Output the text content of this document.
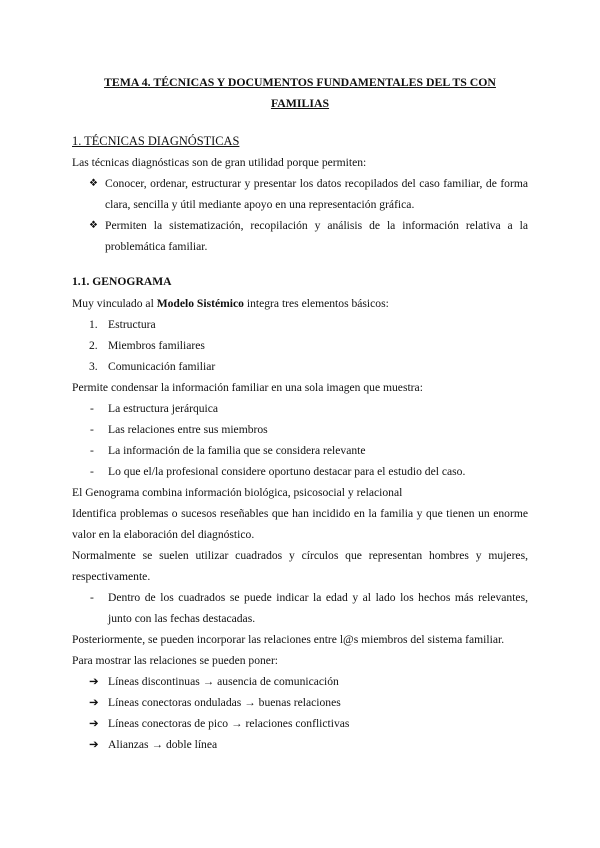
TEMA 4. TÉCNICAS Y DOCUMENTOS FUNDAMENTALES DEL TS CON
FAMILIAS

1. TÉCNICAS DIAGNÓSTICAS

Las técnicas diagnósticas son de gran utilidad porque permiten:

❖ Conocer, ordenar, estructurar y presentar los datos recopilados del caso familiar, de forma clara, sencilla y útil mediante apoyo en una representación gráfica.
❖ Permiten la sistematización, recopilación y análisis de la información relativa a la problemática familiar.

1.1. GENOGRAMA

Muy vinculado al Modelo Sistémico integra tres elementos básicos:

1. Estructura
2. Miembros familiares
3. Comunicación familiar

Permite condensar la información familiar en una sola imagen que muestra:

- La estructura jerárquica
- Las relaciones entre sus miembros
- La información de la familia que se considera relevante
- Lo que el/la profesional considere oportuno destacar para el estudio del caso.

El Genograma combina información biológica, psicosocial y relacional

Identifica problemas o sucesos reseñables que han incidido en la familia y que tienen un enorme valor en la elaboración del diagnóstico.

Normalmente se suelen utilizar cuadrados y círculos que representan hombres y mujeres, respectivamente.

- Dentro de los cuadrados se puede indicar la edad y al lado los hechos más relevantes, junto con las fechas destacadas.

Posteriormente, se pueden incorporar las relaciones entre l@s miembros del sistema familiar.

Para mostrar las relaciones se pueden poner:

➔ Líneas discontinuas → ausencia de comunicación
➔ Líneas conectoras onduladas → buenas relaciones
➔ Líneas conectoras de pico → relaciones conflictivas
➔ Alianzas → doble línea
